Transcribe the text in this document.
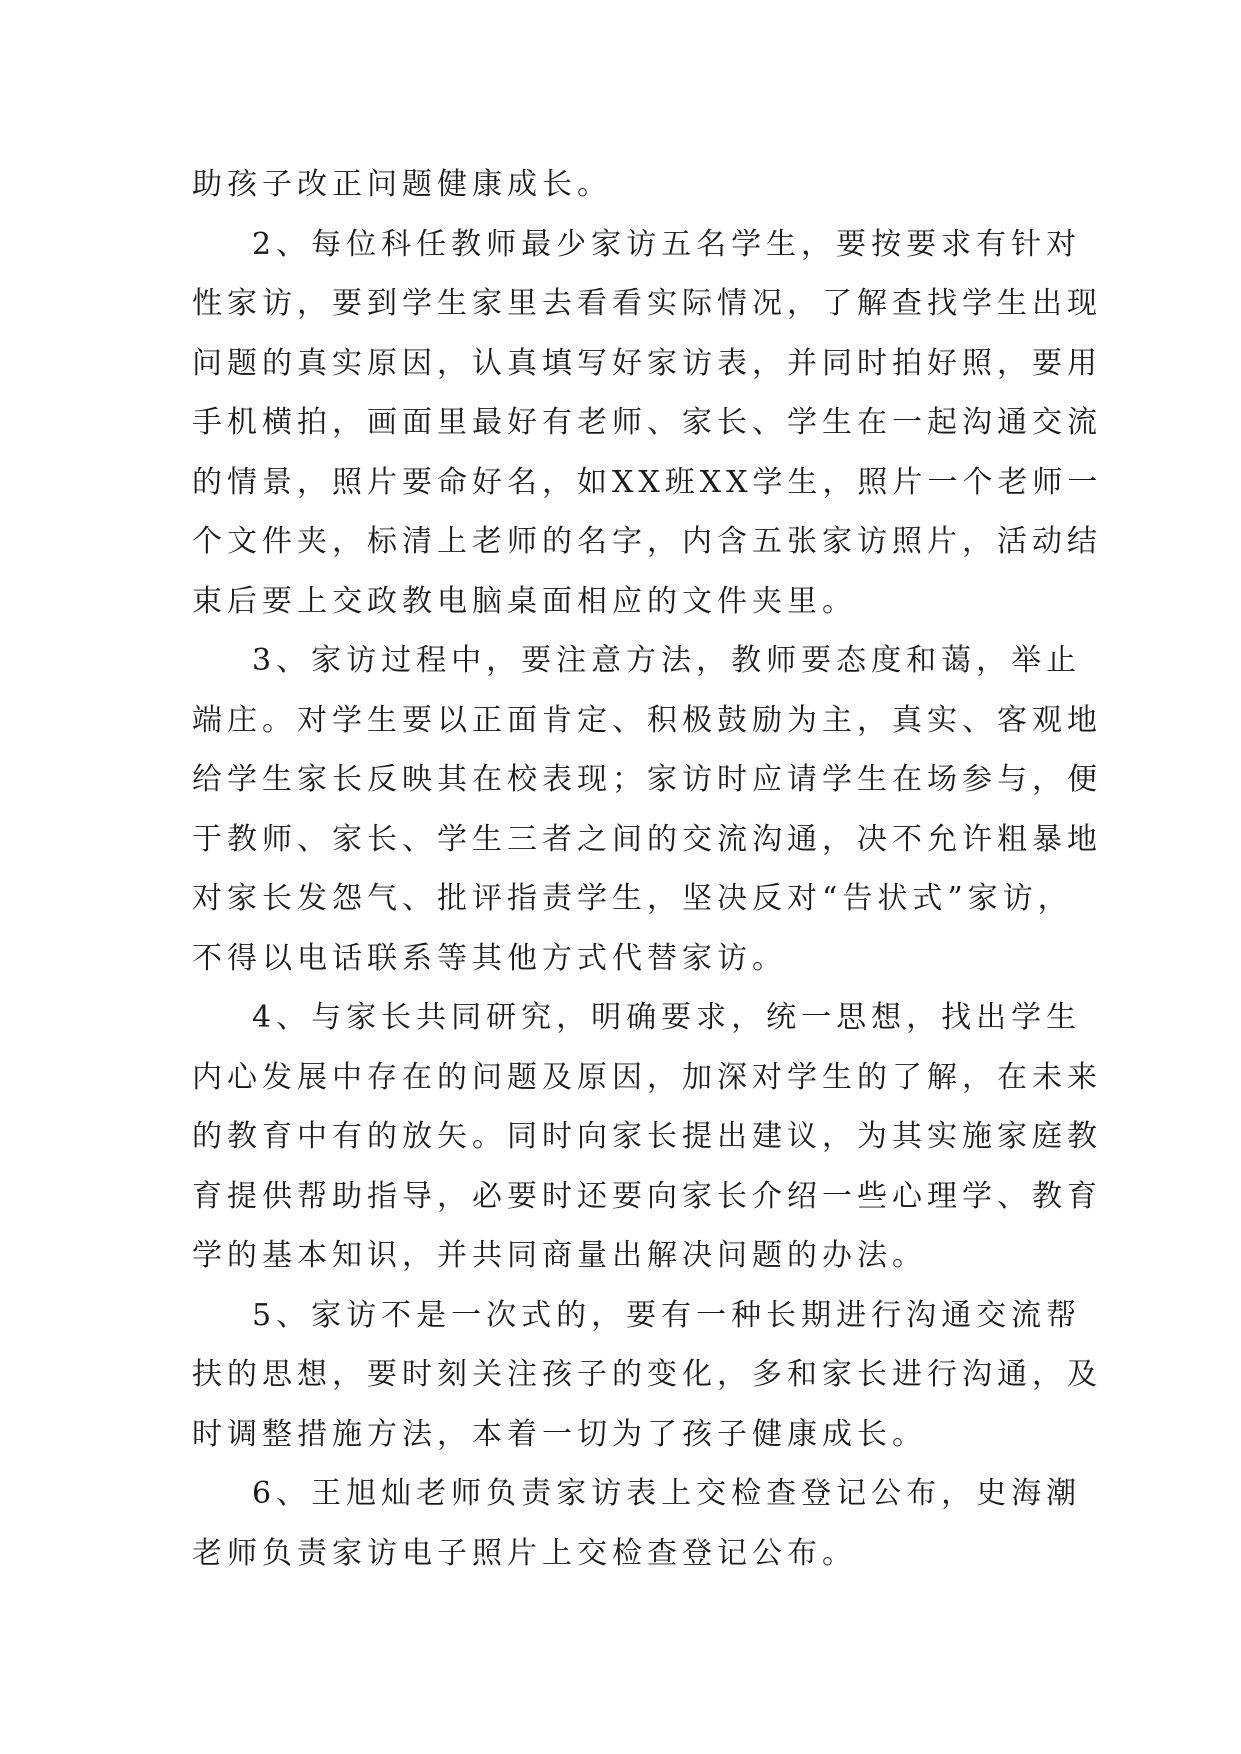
助孩子改正问题健康成长。
2、每位科任教师最少家访五名学生，要按要求有针对
性家访，要到学生家里去看看实际情况，了解查找学生出现
问题的真实原因，认真填写好家访表，并同时拍好照，要用
手机横拍，画面里最好有老师、家长、学生在一起沟通交流
的情景，照片要命好名，如XX班XX学生，照片一个老师一
个文件夹，标清上老师的名字，内含五张家访照片，活动结
束后要上交政教电脑桌面相应的文件夹里。
3、家访过程中，要注意方法，教师要态度和蔼，举止
端庄。对学生要以正面肯定、积极鼓励为主，真实、客观地
给学生家长反映其在校表现；家访时应请学生在场参与，便
于教师、家长、学生三者之间的交流沟通，决不允许粗暴地
对家长发怨气、批评指责学生，坚决反对“告状式”家访，
不得以电话联系等其他方式代替家访。
4、与家长共同研究，明确要求，统一思想，找出学生
内心发展中存在的问题及原因，加深对学生的了解，在未来
的教育中有的放矢。同时向家长提出建议，为其实施家庭教
育提供帮助指导，必要时还要向家长介绍一些心理学、教育
学的基本知识，并共同商量出解决问题的办法。
5、家访不是一次式的，要有一种长期进行沟通交流帮
扶的思想，要时刻关注孩子的变化，多和家长进行沟通，及
时调整措施方法，本着一切为了孩子健康成长。
6、王旭灿老师负责家访表上交检查登记公布，史海潮
老师负责家访电子照片上交检查登记公布。
